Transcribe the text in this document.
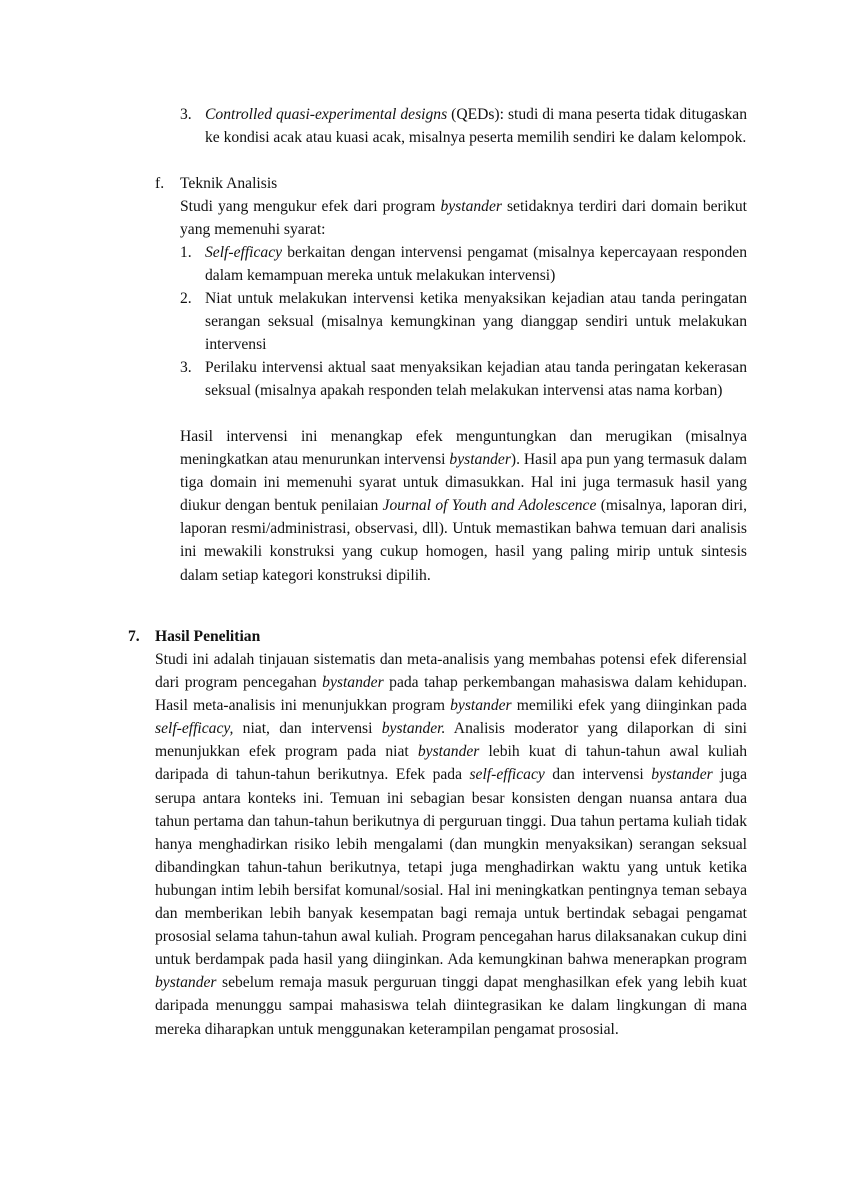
3. Controlled quasi-experimental designs (QEDs): studi di mana peserta tidak ditugaskan ke kondisi acak atau kuasi acak, misalnya peserta memilih sendiri ke dalam kelompok.

f. Teknik Analisis

Studi yang mengukur efek dari program bystander setidaknya terdiri dari domain berikut yang memenuhi syarat:

1. Self-efficacy berkaitan dengan intervensi pengamat (misalnya kepercayaan responden dalam kemampuan mereka untuk melakukan intervensi)

2. Niat untuk melakukan intervensi ketika menyaksikan kejadian atau tanda peringatan serangan seksual (misalnya kemungkinan yang dianggap sendiri untuk melakukan intervensi

3. Perilaku intervensi aktual saat menyaksikan kejadian atau tanda peringatan kekerasan seksual (misalnya apakah responden telah melakukan intervensi atas nama korban)

Hasil intervensi ini menangkap efek menguntungkan dan merugikan (misalnya meningkatkan atau menurunkan intervensi bystander). Hasil apa pun yang termasuk dalam tiga domain ini memenuhi syarat untuk dimasukkan. Hal ini juga termasuk hasil yang diukur dengan bentuk penilaian Journal of Youth and Adolescence (misalnya, laporan diri, laporan resmi/administrasi, observasi, dll). Untuk memastikan bahwa temuan dari analisis ini mewakili konstruksi yang cukup homogen, hasil yang paling mirip untuk sintesis dalam setiap kategori konstruksi dipilih.

7. Hasil Penelitian

Studi ini adalah tinjauan sistematis dan meta-analisis yang membahas potensi efek diferensial dari program pencegahan bystander pada tahap perkembangan mahasiswa dalam kehidupan. Hasil meta-analisis ini menunjukkan program bystander memiliki efek yang diinginkan pada self-efficacy, niat, dan intervensi bystander. Analisis moderator yang dilaporkan di sini menunjukkan efek program pada niat bystander lebih kuat di tahun-tahun awal kuliah daripada di tahun-tahun berikutnya. Efek pada self-efficacy dan intervensi bystander juga serupa antara konteks ini. Temuan ini sebagian besar konsisten dengan nuansa antara dua tahun pertama dan tahun-tahun berikutnya di perguruan tinggi. Dua tahun pertama kuliah tidak hanya menghadirkan risiko lebih mengalami (dan mungkin menyaksikan) serangan seksual dibandingkan tahun-tahun berikutnya, tetapi juga menghadirkan waktu yang untuk ketika hubungan intim lebih bersifat komunal/sosial. Hal ini meningkatkan pentingnya teman sebaya dan memberikan lebih banyak kesempatan bagi remaja untuk bertindak sebagai pengamat prososial selama tahun-tahun awal kuliah. Program pencegahan harus dilaksanakan cukup dini untuk berdampak pada hasil yang diinginkan. Ada kemungkinan bahwa menerapkan program bystander sebelum remaja masuk perguruan tinggi dapat menghasilkan efek yang lebih kuat daripada menunggu sampai mahasiswa telah diintegrasikan ke dalam lingkungan di mana mereka diharapkan untuk menggunakan keterampilan pengamat prososial.
